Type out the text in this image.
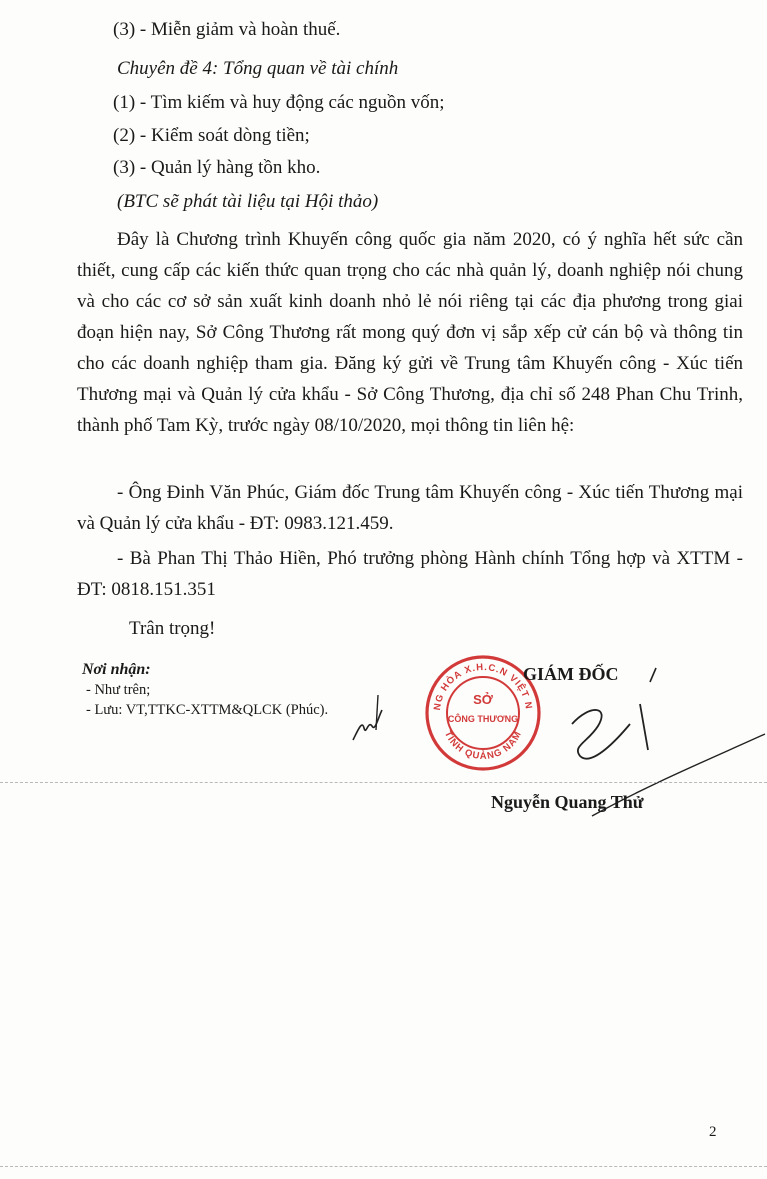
(3) - Miễn giảm và hoàn thuế.
Chuyên đề 4: Tổng quan về tài chính
(1) - Tìm kiếm và huy động các nguồn vốn;
(2) - Kiểm soát dòng tiền;
(3) - Quản lý hàng tồn kho.
(BTC sẽ phát tài liệu tại Hội thảo)
Đây là Chương trình Khuyến công quốc gia năm 2020, có ý nghĩa hết sức cần thiết, cung cấp các kiến thức quan trọng cho các nhà quản lý, doanh nghiệp nói chung và cho các cơ sở sản xuất kinh doanh nhỏ lẻ nói riêng tại các địa phương trong giai đoạn hiện nay, Sở Công Thương rất mong quý đơn vị sắp xếp cử cán bộ và thông tin cho các doanh nghiệp tham gia. Đăng ký gửi về Trung tâm Khuyến công - Xúc tiến Thương mại và Quản lý cửa khẩu - Sở Công Thương, địa chỉ số 248 Phan Chu Trinh, thành phố Tam Kỳ, trước ngày 08/10/2020, mọi thông tin liên hệ:
- Ông Đinh Văn Phúc, Giám đốc Trung tâm Khuyến công - Xúc tiến Thương mại và Quản lý cửa khẩu - ĐT: 0983.121.459.
- Bà Phan Thị Thảo Hiền, Phó trưởng phòng Hành chính Tổng hợp và XTTM - ĐT: 0818.151.351
Trân trọng!
Nơi nhận:
- Như trên;
- Lưu: VT,TTKC-XTTM&QLCK (Phúc).
CỘNG HÒA X.H.C.N VIỆT NAM
TỈNH QUẢNG NAM
SỞ
CÔNG THƯƠNG
GIÁM ĐỐC
Nguyễn Quang Thử
2
